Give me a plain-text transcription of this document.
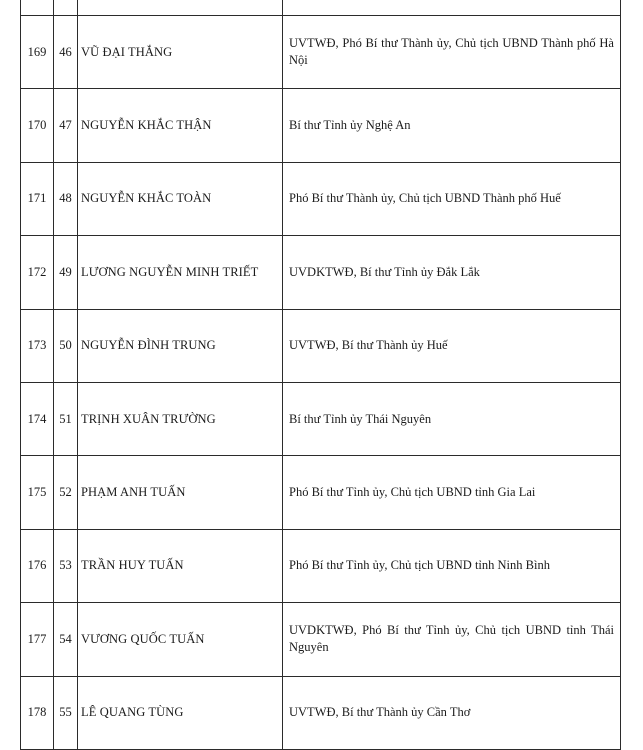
169	46	VŨ ĐẠI THẮNG	UVTWĐ, Phó Bí thư Thành ủy, Chủ tịch UBND Thành phố Hà Nội
170	47	NGUYỄN KHẮC THẬN	Bí thư Tỉnh ủy Nghệ An
171	48	NGUYỄN KHẮC TOÀN	Phó Bí thư Thành ủy, Chủ tịch UBND Thành phố Huế
172	49	LƯƠNG NGUYỄN MINH TRIẾT	UVDKTWĐ, Bí thư Tỉnh ủy Đắk Lắk
173	50	NGUYỄN ĐÌNH TRUNG	UVTWĐ, Bí thư Thành ủy Huế
174	51	TRỊNH XUÂN TRƯỜNG	Bí thư Tỉnh ủy Thái Nguyên
175	52	PHẠM ANH TUẤN	Phó Bí thư Tỉnh ủy, Chủ tịch UBND tỉnh Gia Lai
176	53	TRẦN HUY TUẤN	Phó Bí thư Tỉnh ủy, Chủ tịch UBND tỉnh Ninh Bình
177	54	VƯƠNG QUỐC TUẤN	UVDKTWĐ, Phó Bí thư Tỉnh ủy, Chủ tịch UBND tỉnh Thái Nguyên
178	55	LÊ QUANG TÙNG	UVTWĐ, Bí thư Thành ủy Cần Thơ
